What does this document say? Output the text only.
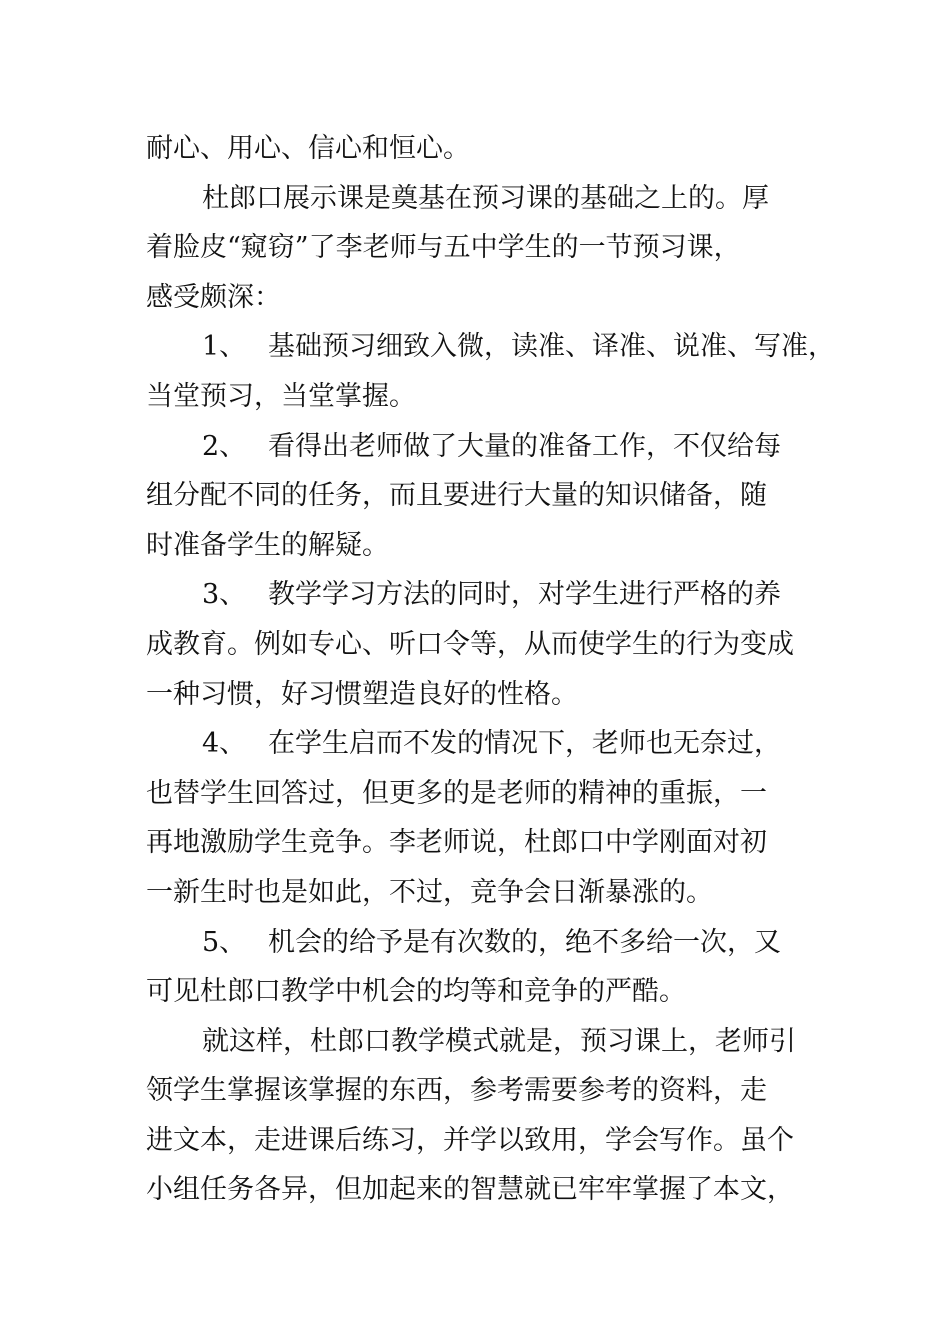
耐心、用心、信心和恒心。
杜郎口展示课是奠基在预习课的基础之上的。厚
着脸皮“窥窃”了李老师与五中学生的一节预习课，
感受颇深：
1、 基础预习细致入微，读准、译准、说准、写准，
当堂预习，当堂掌握。
2、 看得出老师做了大量的准备工作，不仅给每
组分配不同的任务，而且要进行大量的知识储备，随
时准备学生的解疑。
3、 教学学习方法的同时，对学生进行严格的养
成教育。例如专心、听口令等，从而使学生的行为变成
一种习惯，好习惯塑造良好的性格。
4、 在学生启而不发的情况下，老师也无奈过，
也替学生回答过，但更多的是老师的精神的重振，一
再地激励学生竞争。李老师说，杜郎口中学刚面对初
一新生时也是如此，不过，竞争会日渐暴涨的。
5、 机会的给予是有次数的，绝不多给一次，又
可见杜郎口教学中机会的均等和竞争的严酷。
就这样，杜郎口教学模式就是，预习课上，老师引
领学生掌握该掌握的东西，参考需要参考的资料，走
进文本，走进课后练习，并学以致用，学会写作。虽个
小组任务各异，但加起来的智慧就已牢牢掌握了本文，
